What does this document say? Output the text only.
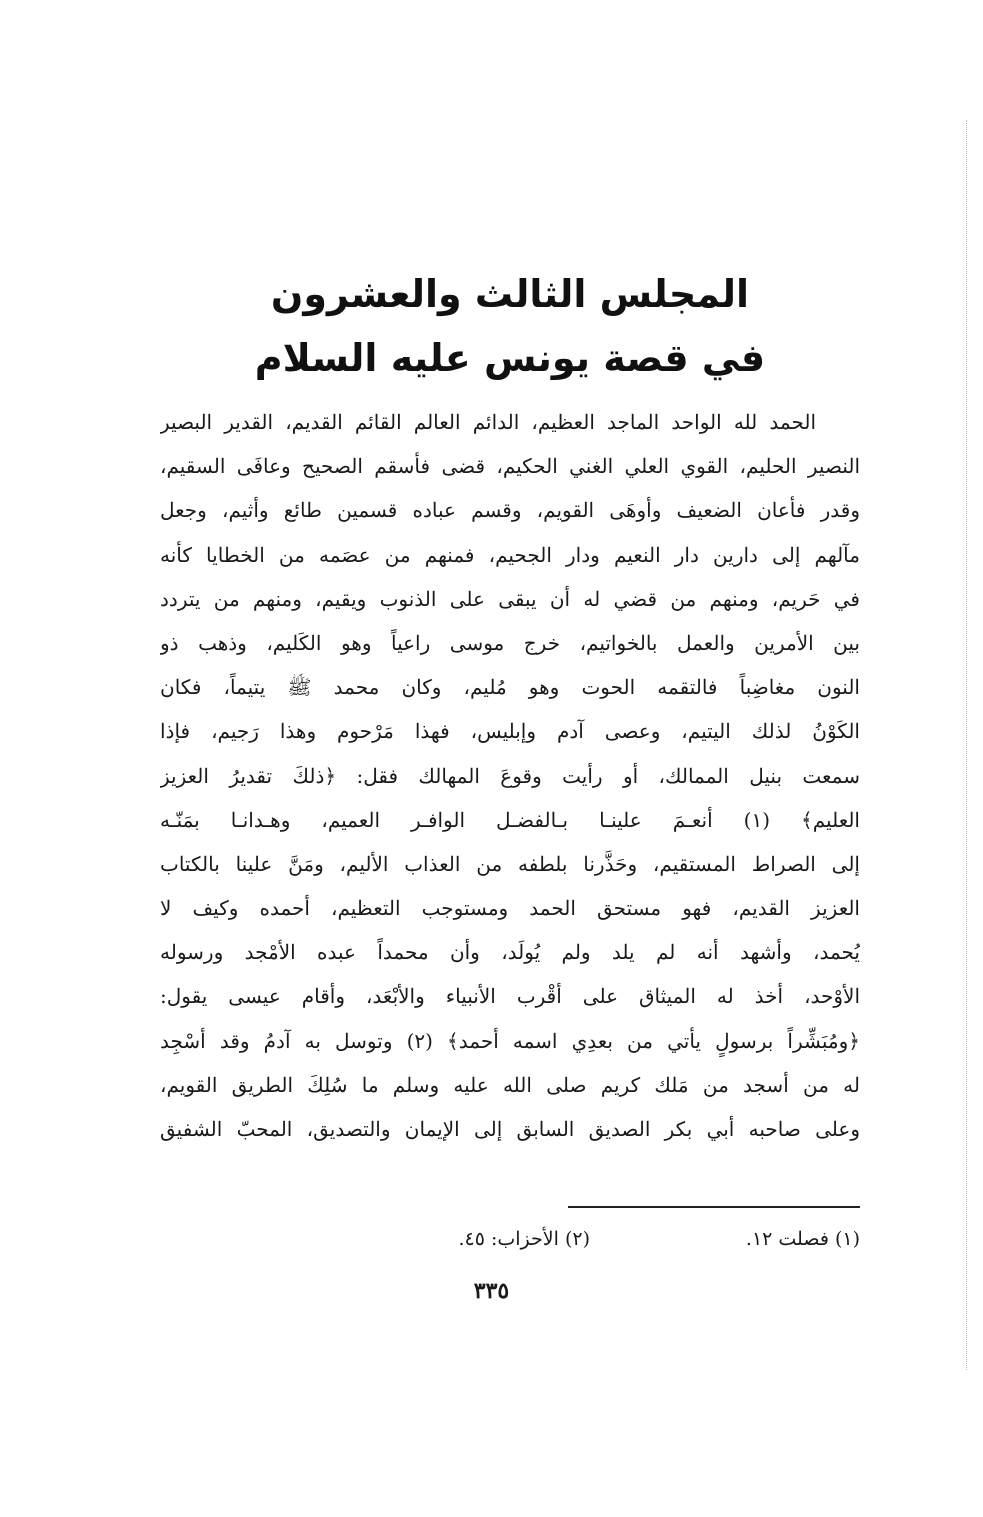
المجلس الثالث والعشرون
في قصة يونس عليه السلام
الحمد لله الواحد الماجد العظيم، الدائم العالم القائم القديم، القدير البصير
النصير الحليم، القوي العلي الغني الحكيم، قضى فأسقم الصحيح وعافَى السقيم،
وقدر فأعان الضعيف وأوهَى القويم، وقسم عباده قسمين طائع وأثيم، وجعل
مآلهم إلى دارين دار النعيم ودار الجحيم، فمنهم من عصَمه من الخطايا كأنه
في حَريم، ومنهم من قضي له أن يبقى على الذنوب ويقيم، ومنهم من يتردد
بين الأمرين والعمل بالخواتيم، خرج موسى راعياً وهو الكَليم، وذهب ذو
النون مغاضِباً فالتقمه الحوت وهو مُليم، وكان محمد ﷺ يتيماً، فكان
الكَوْنُ لذلك اليتيم، وعصى آدم وإبليس، فهذا مَرْحوم وهذا رَجيم، فإذا
سمعت بنيل الممالك، أو رأيت وقوعَ المهالك فقل: ﴿ذلكَ تقديرُ العزيز
العليم﴾ (١) أنعـمَ علينـا بـالفضـل الوافـر العميم، وهـدانـا بمَنّـه
إلى الصراط المستقيم، وحَذَّرنا بلطفه من العذاب الأليم، ومَنَّ علينا بالكتاب
العزيز القديم، فهو مستحق الحمد ومستوجب التعظيم، أحمده وكيف لا
يُحمد، وأشهد أنه لم يلد ولم يُولَد، وأن محمداً عبده الأمْجد ورسوله
الأوْحد، أخذ له الميثاق على أقْرب الأنبياء والأبْعَد، وأقام عيسى يقول:
﴿ومُبَشِّراً برسولٍ يأتي من بعدِي اسمه أحمد﴾ (٢) وتوسل به آدمُ وقد أسْجِد
له من أسجد من مَلك كريم صلى الله عليه وسلم ما سُلِكَ الطريق القويم،
وعلى صاحبه أبي بكر الصديق السابق إلى الإيمان والتصديق، المحبّ الشفيق
(١) فصلت ١٢.
(٢) الأحزاب: ٤٥.
٣٣٥
